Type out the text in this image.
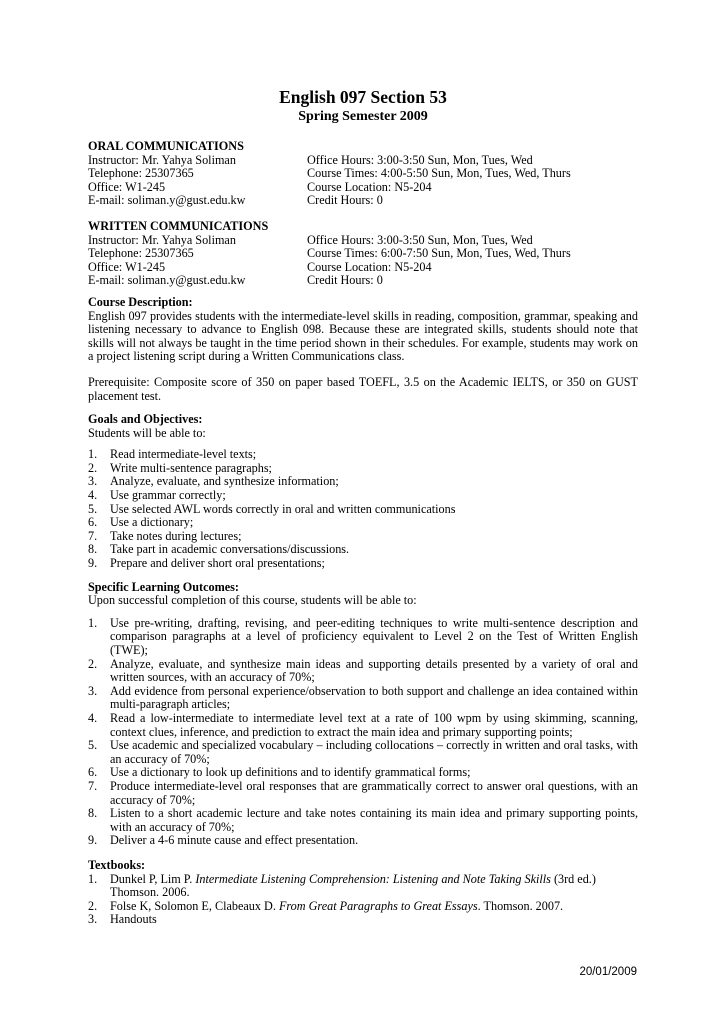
English 097 Section 53
Spring Semester 2009
ORAL COMMUNICATIONS
Instructor: Mr. Yahya Soliman
Telephone: 25307365
Office: W1-245
E-mail: soliman.y@gust.edu.kw
Office Hours: 3:00-3:50 Sun, Mon, Tues, Wed
Course Times: 4:00-5:50 Sun, Mon, Tues, Wed, Thurs
Course Location: N5-204
Credit Hours: 0
WRITTEN COMMUNICATIONS
Instructor: Mr. Yahya Soliman
Telephone: 25307365
Office: W1-245
E-mail: soliman.y@gust.edu.kw
Office Hours: 3:00-3:50 Sun, Mon, Tues, Wed
Course Times: 6:00-7:50 Sun, Mon, Tues, Wed, Thurs
Course Location: N5-204
Credit Hours: 0
Course Description:

English 097 provides students with the intermediate-level skills in reading, composition, grammar, speaking and listening necessary to advance to English 098. Because these are integrated skills, students should note that skills will not always be taught in the time period shown in their schedules. For example, students may work on a project listening script during a Written Communications class.

Prerequisite: Composite score of 350 on paper based TOEFL, 3.5 on the Academic IELTS, or 350 on GUST placement test.

Goals and Objectives:
Students will be able to:
1. Read intermediate-level texts;
2. Write multi-sentence paragraphs;
3. Analyze, evaluate, and synthesize information;
4. Use grammar correctly;
5. Use selected AWL words correctly in oral and written communications
6. Use a dictionary;
7. Take notes during lectures;
8. Take part in academic conversations/discussions.
9. Prepare and deliver short oral presentations;
Specific Learning Outcomes:
Upon successful completion of this course, students will be able to:
1. Use pre-writing, drafting, revising, and peer-editing techniques to write multi-sentence description and comparison paragraphs at a level of proficiency equivalent to Level 2 on the Test of Written English (TWE);
2. Analyze, evaluate, and synthesize main ideas and supporting details presented by a variety of oral and written sources, with an accuracy of 70%;
3. Add evidence from personal experience/observation to both support and challenge an idea contained within multi-paragraph articles;
4. Read a low-intermediate to intermediate level text at a rate of 100 wpm by using skimming, scanning, context clues, inference, and prediction to extract the main idea and primary supporting points;
5. Use academic and specialized vocabulary – including collocations – correctly in written and oral tasks, with an accuracy of 70%;
6. Use a dictionary to look up definitions and to identify grammatical forms;
7. Produce intermediate-level oral responses that are grammatically correct to answer oral questions, with an accuracy of 70%;
8. Listen to a short academic lecture and take notes containing its main idea and primary supporting points, with an accuracy of 70%;
9. Deliver a 4-6 minute cause and effect presentation.
Textbooks:
1. Dunkel P, Lim P. Intermediate Listening Comprehension: Listening and Note Taking Skills (3rd ed.) Thomson. 2006.
2. Folse K, Solomon E, Clabeaux D. From Great Paragraphs to Great Essays. Thomson. 2007.
3. Handouts
20/01/2009
